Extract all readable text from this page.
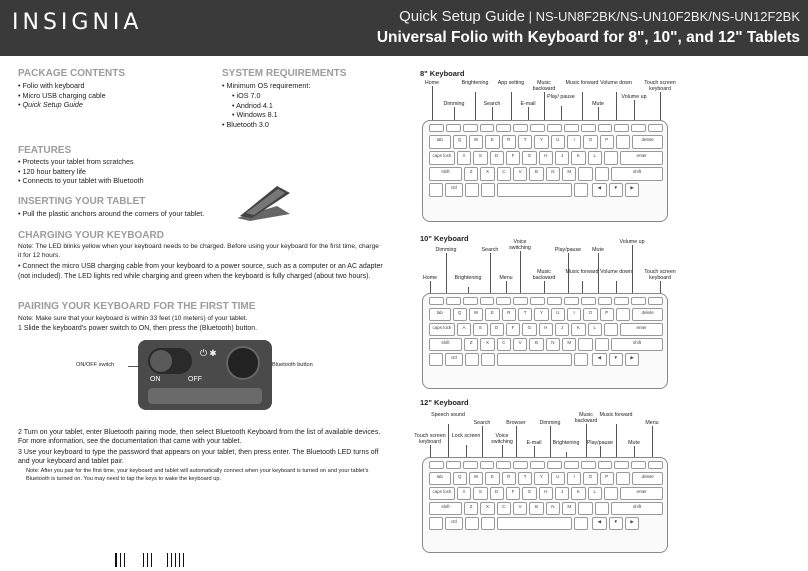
INSIGNIA	Quick Setup Guide | NS-UN8F2BK/NS-UN10F2BK/NS-UN12F2BK
Universal Folio with Keyboard for 8", 10", and 12" Tablets
PACKAGE CONTENTS
• Folio with keyboard
• Micro USB charging cable
• Quick Setup Guide
SYSTEM REQUIREMENTS
• Minimum OS requirement:
• iOS 7.0
• Andriod 4.1
• Windows 8.1
• Bluetooth 3.0
FEATURES
• Protects your tablet from scratches
• 120 hour battery life
• Connects to your tablet with Bluetooth
INSERTING YOUR TABLET
• Pull the plastic anchors around the corners of your tablet.
CHARGING YOUR KEYBOARD
Note: The LED blinks yellow when your keyboard needs to be charged. Before using your keyboard for the first time, charge it for 12 hours.
• Connect the micro USB charging cable from your keyboard to a power source, such as a computer or an AC adapter (not included). The LED lights red while charging and green when the keyboard is fully charged (about two hours).
PAIRING YOUR KEYBOARD FOR THE FIRST TIME
Note: Make sure that your keyboard is within 33 feet (10 meters) of your tablet.
1 Slide the keyboard's power switch to ON, then press the (Bluetooth) button.
ON/OFF switch	Bluetooth button
⏻ ✱
ON	OFF
2 Turn on your tablet, enter Bluetooth pairing mode, then select Bluetooth Keyboard from the list of available devices. For more information, see the documentation that came with your tablet.
3 Use your keyboard to type the password that appears on your tablet, then press enter. The Bluetooth LED turns off and your keyboard and tablet pair.
Note: After you pair for the first time, your keyboard and tablet will automatically connect when your keyboard is turned on and your tablet's Bluetooth is turned on. You may need to tap the keys to wake the keyboard up.

8" Keyboard
Home
Dimming
Brightening
Search
App setting
E-mail
Music backward
Play/ pause
Music forward
Mute
Volume down
Volume up
Touch screen keyboard
tab	Q	W	E	R	T	Y	U	I	O	P	delete
caps lock	A	S	D	F	G	H	J	K	L	enter
shift	Z	X	C	V	B	N	M	shift
ctrl	◀	▼	▶
10" Keyboard
Home
Dimming
Brightening
Search
Voice switching
Menu
Music backward
Play/pause
Music forward
Mute
Volume down
Volume up
Touch screen keyboard
tab	Q	W	E	R	T	Y	U	I	O	P	delete
caps lock	A	S	D	F	G	H	J	K	L	enter
shift	Z	X	C	V	B	N	M	shift
ctrl	◀	▼	▶
12" Keyboard
Touch screen keyboard
Speech sound
Lock screen
Search
Voice switching
Browser
E-mail
Dimming
Brightening	Play/pause
Music backward
Music forward
Mute
Menu
tab	Q	W	E	R	T	Y	U	I	O	P	delete
caps lock	A	S	D	F	G	H	J	K	L	enter
shift	Z	X	C	V	B	N	M	shift
ctrl	◀	▼	▶
